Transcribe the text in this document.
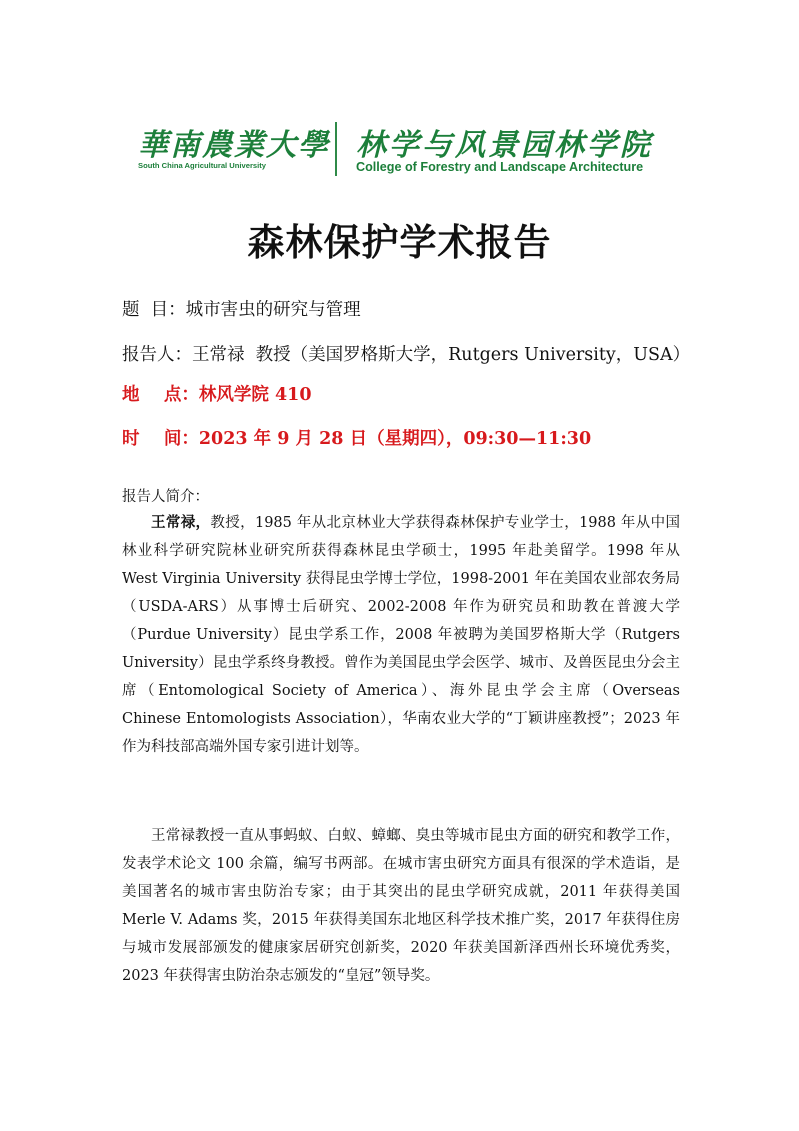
華南農業大學
South China Agricultural University
林学与风景园林学院
College of Forestry and Landscape Architecture
森林保护学术报告
题  目：城市害虫的研究与管理
报告人：王常禄  教授（美国罗格斯大学，Rutgers University，USA）
地    点：林风学院 410
时    间：2023 年 9 月 28 日（星期四），09:30—11:30
报告人简介：

王常禄，教授，1985 年从北京林业大学获得森林保护专业学士，1988 年从中国林业科学研究院林业研究所获得森林昆虫学硕士，1995 年赴美留学。1998 年从 West Virginia University 获得昆虫学博士学位，1998-2001 年在美国农业部农务局（USDA-ARS）从事博士后研究、2002-2008 年作为研究员和助教在普渡大学（Purdue University）昆虫学系工作，2008 年被聘为美国罗格斯大学（Rutgers University）昆虫学系终身教授。曾作为美国昆虫学会医学、城市、及兽医昆虫分会主席（Entomological Society of America）、海外昆虫学会主席（Overseas Chinese Entomologists Association），华南农业大学的“丁颖讲座教授”；2023 年作为科技部高端外国专家引进计划等。

王常禄教授一直从事蚂蚁、白蚁、蟑螂、臭虫等城市昆虫方面的研究和教学工作，发表学术论文 100 余篇，编写书两部。在城市害虫研究方面具有很深的学术造诣，是美国著名的城市害虫防治专家；由于其突出的昆虫学研究成就，2011 年获得美国 Merle V. Adams 奖，2015 年获得美国东北地区科学技术推广奖，2017 年获得住房与城市发展部颁发的健康家居研究创新奖，2020 年获美国新泽西州长环境优秀奖，2023 年获得害虫防治杂志颁发的“皇冠”领导奖。
